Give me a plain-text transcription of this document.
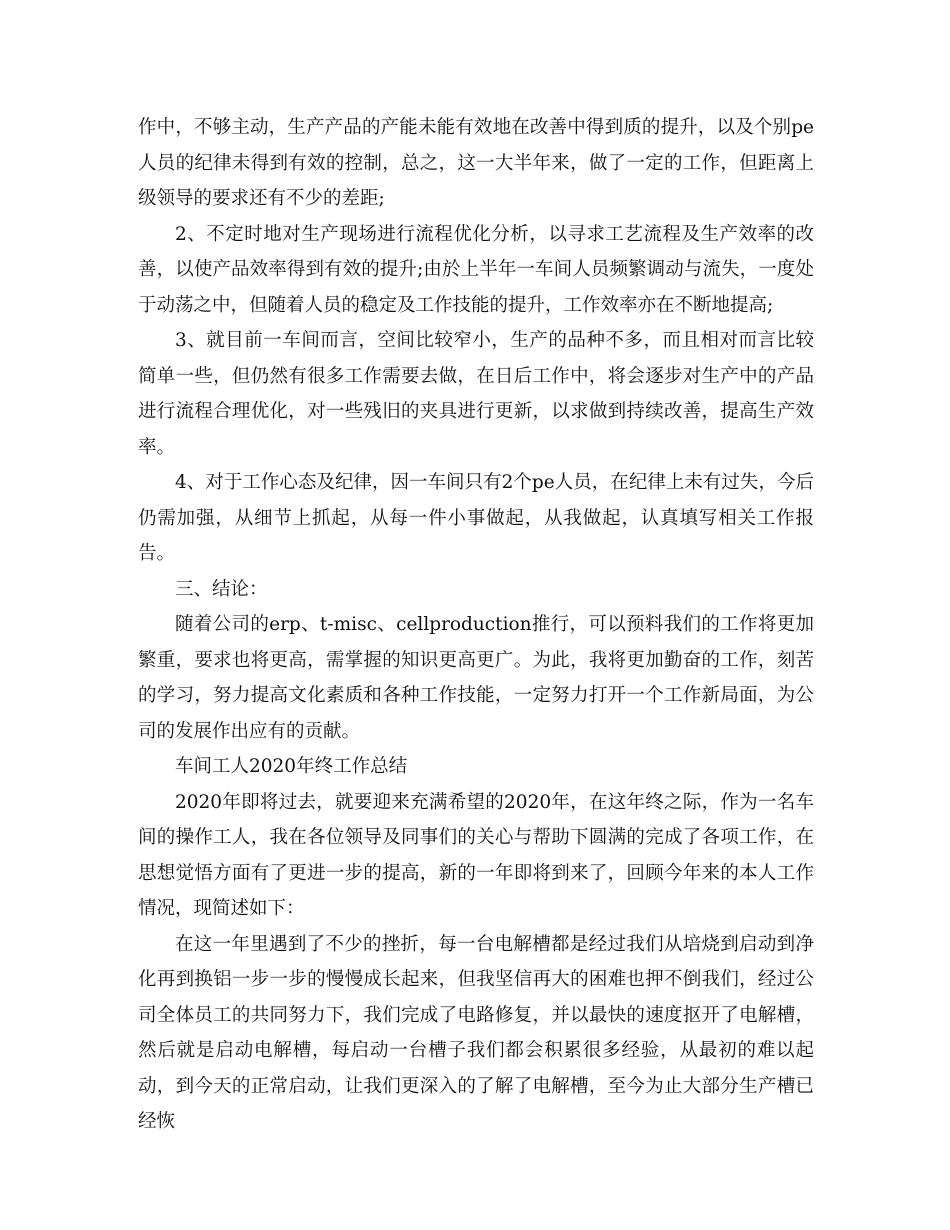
作中，不够主动，生产产品的产能未能有效地在改善中得到质的提升，以及个别pe人员的纪律未得到有效的控制，总之，这一大半年来，做了一定的工作，但距离上级领导的要求还有不少的差距;

2、不定时地对生产现场进行流程优化分析，以寻求工艺流程及生产效率的改善，以使产品效率得到有效的提升;由於上半年一车间人员频繁调动与流失，一度处于动荡之中，但随着人员的稳定及工作技能的提升，工作效率亦在不断地提高;

3、就目前一车间而言，空间比较窄小，生产的品种不多，而且相对而言比较简单一些，但仍然有很多工作需要去做，在日后工作中，将会逐步对生产中的产品进行流程合理优化，对一些残旧的夹具进行更新，以求做到持续改善，提高生产效率。

4、对于工作心态及纪律，因一车间只有2个pe人员，在纪律上未有过失，今后仍需加强，从细节上抓起，从每一件小事做起，从我做起，认真填写相关工作报告。

三、结论：

随着公司的erp、t-misc、cellproduction推行，可以预料我们的工作将更加繁重，要求也将更高，需掌握的知识更高更广。为此，我将更加勤奋的工作，刻苦的学习，努力提高文化素质和各种工作技能，一定努力打开一个工作新局面，为公司的发展作出应有的贡献。

车间工人2020年终工作总结

2020年即将过去，就要迎来充满希望的2020年，在这年终之际，作为一名车间的操作工人，我在各位领导及同事们的关心与帮助下圆满的完成了各项工作，在思想觉悟方面有了更进一步的提高，新的一年即将到来了，回顾今年来的本人工作情况，现简述如下：

在这一年里遇到了不少的挫折，每一台电解槽都是经过我们从培烧到启动到净化再到换铝一步一步的慢慢成长起来，但我坚信再大的困难也押不倒我们，经过公司全体员工的共同努力下，我们完成了电路修复，并以最快的速度抠开了电解槽，然后就是启动电解槽，每启动一台槽子我们都会积累很多经验，从最初的难以起动，到今天的正常启动，让我们更深入的了解了电解槽，至今为止大部分生产槽已经恢
